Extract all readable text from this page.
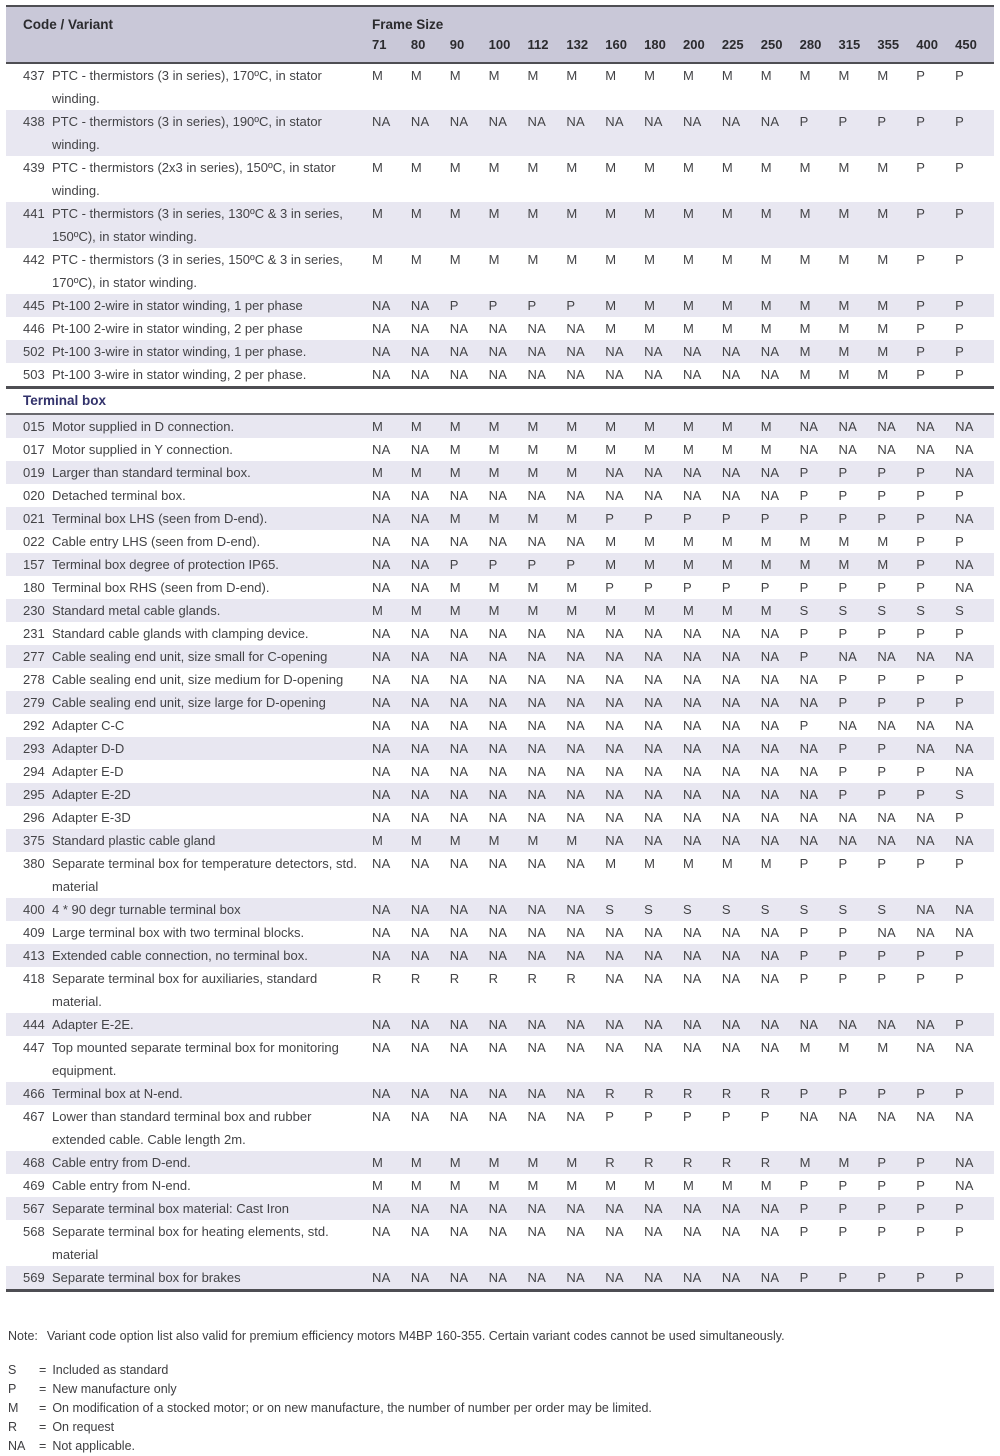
Code / Variant		Frame Size															
		71	80	90	100	112	132	160	180	200	225	250	280	315	355	400	450
437	PTC - thermistors (3 in series), 170ºC, in stator winding.	M	M	M	M	M	M	M	M	M	M	M	M	M	M	P	P
438	PTC - thermistors (3 in series), 190ºC, in stator winding.	NA	NA	NA	NA	NA	NA	NA	NA	NA	NA	NA	P	P	P	P	P
439	PTC - thermistors (2x3 in series), 150ºC, in stator winding.	M	M	M	M	M	M	M	M	M	M	M	M	M	M	P	P
441	PTC - thermistors (3 in series, 130ºC & 3 in series, 150ºC), in stator winding.	M	M	M	M	M	M	M	M	M	M	M	M	M	M	P	P
442	PTC - thermistors (3 in series, 150ºC & 3 in series, 170ºC), in stator winding.	M	M	M	M	M	M	M	M	M	M	M	M	M	M	P	P
445	Pt-100 2-wire in stator winding, 1 per phase	NA	NA	P	P	P	P	M	M	M	M	M	M	M	M	P	P
446	Pt-100 2-wire in stator winding, 2 per phase	NA	NA	NA	NA	NA	NA	M	M	M	M	M	M	M	M	P	P
502	Pt-100 3-wire in stator winding, 1 per phase.	NA	NA	NA	NA	NA	NA	NA	NA	NA	NA	NA	M	M	M	P	P
503	Pt-100 3-wire in stator winding, 2 per phase.	NA	NA	NA	NA	NA	NA	NA	NA	NA	NA	NA	M	M	M	P	P
Terminal box																	
015	Motor supplied in D connection.	M	M	M	M	M	M	M	M	M	M	M	NA	NA	NA	NA	NA
017	Motor supplied in Y connection.	NA	NA	M	M	M	M	M	M	M	M	M	NA	NA	NA	NA	NA
019	Larger than standard terminal box.	M	M	M	M	M	M	NA	NA	NA	NA	NA	P	P	P	P	NA
020	Detached terminal box.	NA	NA	NA	NA	NA	NA	NA	NA	NA	NA	NA	P	P	P	P	P
021	Terminal box LHS (seen from D-end).	NA	NA	M	M	M	M	P	P	P	P	P	P	P	P	P	NA
022	Cable entry LHS (seen from D-end).	NA	NA	NA	NA	NA	NA	M	M	M	M	M	M	M	M	P	P
157	Terminal box degree of protection IP65.	NA	NA	P	P	P	P	M	M	M	M	M	M	M	M	P	NA
180	Terminal box RHS (seen from D-end).	NA	NA	M	M	M	M	P	P	P	P	P	P	P	P	P	NA
230	Standard metal cable glands.	M	M	M	M	M	M	M	M	M	M	M	S	S	S	S	S
231	Standard cable glands with clamping device.	NA	NA	NA	NA	NA	NA	NA	NA	NA	NA	NA	P	P	P	P	P
277	Cable sealing end unit, size small for C-opening	NA	NA	NA	NA	NA	NA	NA	NA	NA	NA	NA	P	NA	NA	NA	NA
278	Cable sealing end unit, size medium for D-opening	NA	NA	NA	NA	NA	NA	NA	NA	NA	NA	NA	NA	P	P	P	P
279	Cable sealing end unit, size large for D-opening	NA	NA	NA	NA	NA	NA	NA	NA	NA	NA	NA	NA	P	P	P	P
292	Adapter C-C	NA	NA	NA	NA	NA	NA	NA	NA	NA	NA	NA	P	NA	NA	NA	NA
293	Adapter D-D	NA	NA	NA	NA	NA	NA	NA	NA	NA	NA	NA	NA	P	P	NA	NA
294	Adapter E-D	NA	NA	NA	NA	NA	NA	NA	NA	NA	NA	NA	NA	P	P	P	NA
295	Adapter E-2D	NA	NA	NA	NA	NA	NA	NA	NA	NA	NA	NA	NA	P	P	P	S
296	Adapter E-3D	NA	NA	NA	NA	NA	NA	NA	NA	NA	NA	NA	NA	NA	NA	NA	P
375	Standard plastic cable gland	M	M	M	M	M	M	NA	NA	NA	NA	NA	NA	NA	NA	NA	NA
380	Separate terminal box for temperature detectors, std. material	NA	NA	NA	NA	NA	NA	M	M	M	M	M	P	P	P	P	P
400	4 * 90 degr turnable terminal box	NA	NA	NA	NA	NA	NA	S	S	S	S	S	S	S	S	NA	NA
409	Large terminal box with two terminal blocks.	NA	NA	NA	NA	NA	NA	NA	NA	NA	NA	NA	P	P	NA	NA	NA
413	Extended cable connection, no terminal box.	NA	NA	NA	NA	NA	NA	NA	NA	NA	NA	NA	P	P	P	P	P
418	Separate terminal box for auxiliaries, standard material.	R	R	R	R	R	R	NA	NA	NA	NA	NA	P	P	P	P	P
444	Adapter E-2E.	NA	NA	NA	NA	NA	NA	NA	NA	NA	NA	NA	NA	NA	NA	NA	P
447	Top mounted separate terminal box for monitoring equipment.	NA	NA	NA	NA	NA	NA	NA	NA	NA	NA	NA	M	M	M	NA	NA
466	Terminal box at N-end.	NA	NA	NA	NA	NA	NA	R	R	R	R	R	P	P	P	P	P
467	Lower than standard terminal box and rubber extended cable. Cable length 2m.	NA	NA	NA	NA	NA	NA	P	P	P	P	P	NA	NA	NA	NA	NA
468	Cable entry from D-end.	M	M	M	M	M	M	R	R	R	R	R	M	M	P	P	NA
469	Cable entry from N-end.	M	M	M	M	M	M	M	M	M	M	M	P	P	P	P	NA
567	Separate terminal box material: Cast Iron	NA	NA	NA	NA	NA	NA	NA	NA	NA	NA	NA	P	P	P	P	P
568	Separate terminal box for heating elements, std. material	NA	NA	NA	NA	NA	NA	NA	NA	NA	NA	NA	P	P	P	P	P
569	Separate terminal box for brakes	NA	NA	NA	NA	NA	NA	NA	NA	NA	NA	NA	P	P	P	P	P
Note: Variant code option list also valid for premium efficiency motors M4BP 160-355. Certain variant codes cannot be used simultaneously.
S	= Included as standard
P	= New manufacture only
M	= On modification of a stocked motor; or on new manufacture, the number of number per order may be limited.
R	= On request
NA	= Not applicable.
